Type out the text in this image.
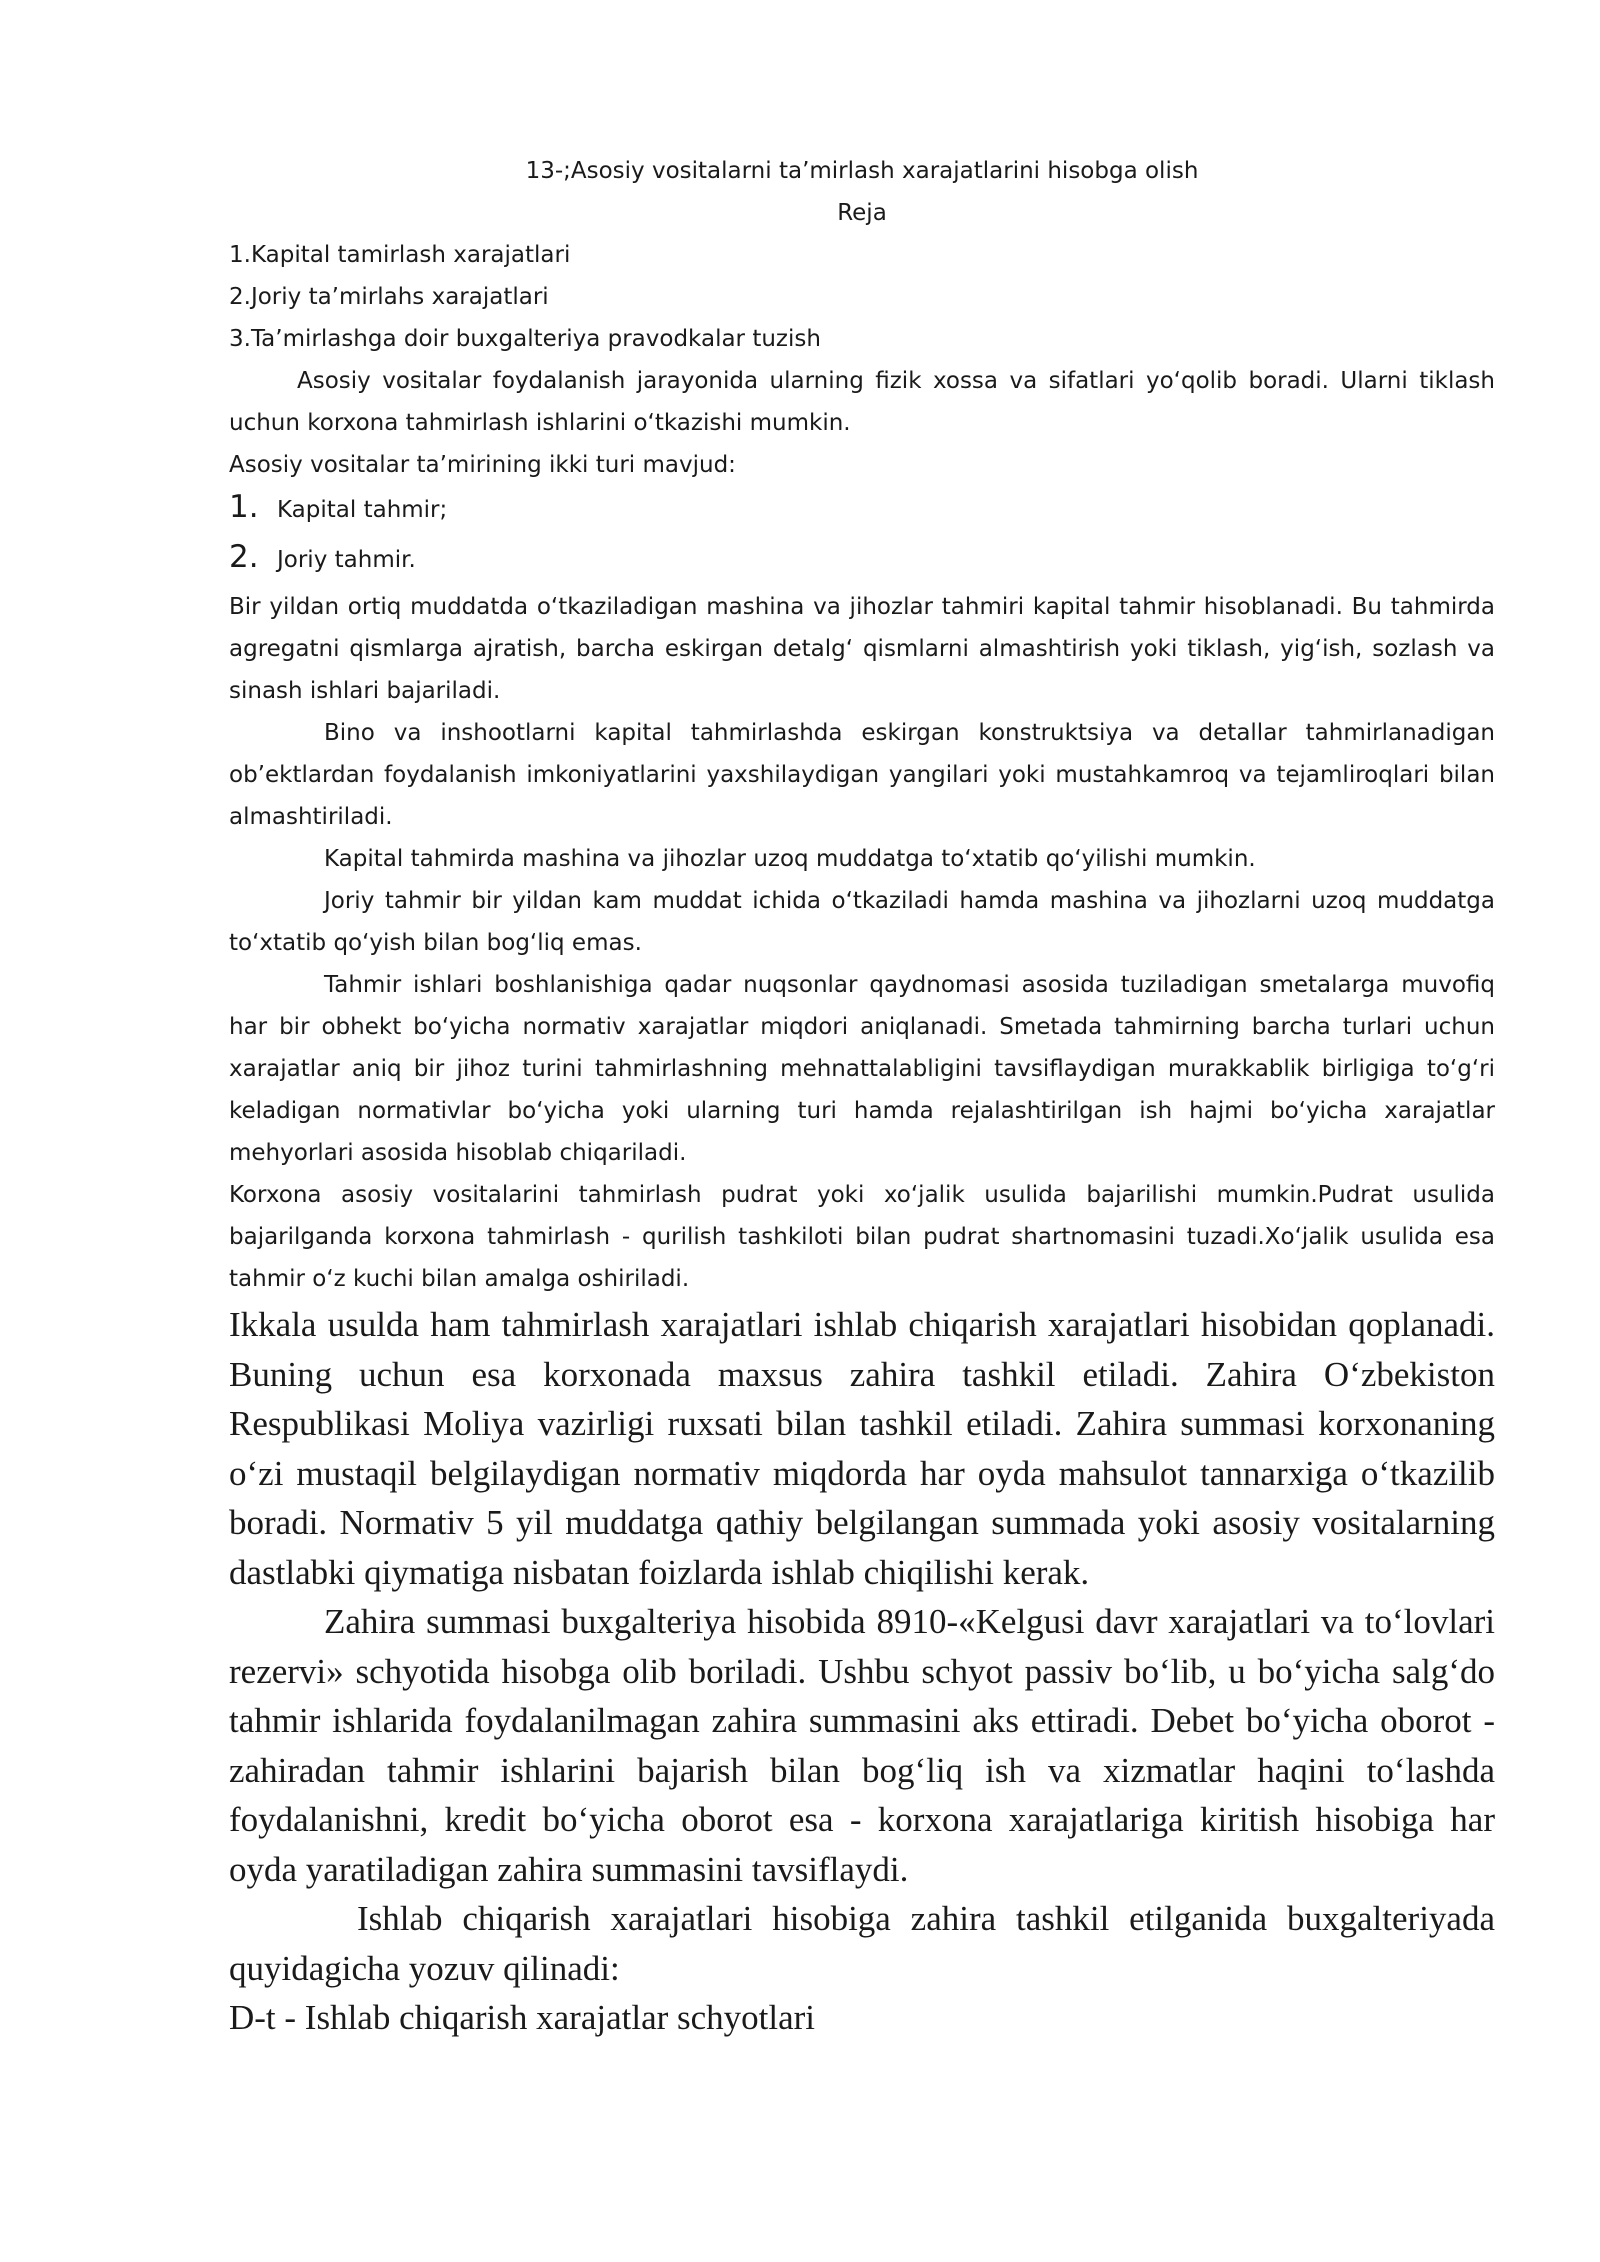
13-;Asosiy vositalarni ta’mirlash xarajatlarini hisobga olish

Reja

1.Kapital tamirlash xarajatlari

2.Joriy ta’mirlahs xarajatlari

3.Ta’mirlashga doir buxgalteriya pravodkalar tuzish

Asosiy vositalar foydalanish jarayonida ularning fizik xossa va sifatlari yo‘qolib boradi. Ularni tiklash uchun korxona tahmirlash ishlarini o‘tkazishi mumkin.

Asosiy vositalar ta’mirining ikki turi mavjud:

1. Kapital tahmir;
2. Joriy tahmir.

Bir yildan ortiq muddatda o‘tkaziladigan mashina va jihozlar tahmiri kapital tahmir hisoblanadi. Bu tahmirda agregatni qismlarga ajratish, barcha eskirgan detalg‘ qismlarni almashtirish yoki tiklash, yig‘ish, sozlash va sinash ishlari bajariladi.

Bino va inshootlarni kapital tahmirlashda eskirgan konstruktsiya va detallar tahmirlanadigan ob’ektlardan foydalanish imkoniyatlarini yaxshilaydigan yangilari yoki mustahkamroq va tejamliroqlari bilan almashtiriladi.

Kapital tahmirda mashina va jihozlar uzoq muddatga to‘xtatib qo‘yilishi mumkin.

Joriy tahmir bir yildan kam muddat ichida o‘tkaziladi hamda mashina va jihozlarni uzoq muddatga to‘xtatib qo‘yish bilan bog‘liq emas.

Tahmir ishlari boshlanishiga qadar nuqsonlar qaydnomasi asosida tuziladigan smetalarga muvofiq har bir obhekt bo‘yicha normativ xarajatlar miqdori aniqlanadi. Smetada tahmirning barcha turlari uchun xarajatlar aniq bir jihoz turini tahmirlashning mehnattalabligini tavsiflaydigan murakkablik birligiga to‘g‘ri keladigan normativlar bo‘yicha yoki ularning turi hamda rejalashtirilgan ish hajmi bo‘yicha xarajatlar mehyorlari asosida hisoblab chiqariladi.

Korxona asosiy vositalarini tahmirlash pudrat yoki xo‘jalik usulida bajarilishi mumkin.Pudrat usulida bajarilganda korxona tahmirlash - qurilish tashkiloti bilan pudrat shartnomasini tuzadi.Xo‘jalik usulida esa tahmir o‘z kuchi bilan amalga oshiriladi.

Ikkala usulda ham tahmirlash xarajatlari ishlab chiqarish xarajatlari hisobidan qoplanadi. Buning uchun esa korxonada maxsus zahira tashkil etiladi. Zahira O‘zbekiston Respublikasi Moliya vazirligi ruxsati bilan tashkil etiladi. Zahira summasi korxonaning o‘zi mustaqil belgilaydigan normativ miqdorda har oyda mahsulot tannarxiga o‘tkazilib boradi. Normativ 5 yil muddatga qathiy belgilangan summada yoki asosiy vositalarning dastlabki qiymatiga nisbatan foizlarda ishlab chiqilishi kerak.

Zahira summasi buxgalteriya hisobida 8910-«Kelgusi davr xarajatlari va to‘lovlari rezervi» schyotida hisobga olib boriladi. Ushbu schyot passiv bo‘lib, u bo‘yicha salg‘do tahmir ishlarida foydalanilmagan zahira summasini aks ettiradi. Debet bo‘yicha oborot - zahiradan tahmir ishlarini bajarish bilan bog‘liq ish va xizmatlar haqini to‘lashda foydalanishni, kredit bo‘yicha oborot esa - korxona xarajatlariga kiritish hisobiga har oyda yaratiladigan zahira summasini tavsiflaydi.

Ishlab chiqarish xarajatlari hisobiga zahira tashkil etilganida buxgalteriyada quyidagicha yozuv qilinadi:

D-t - Ishlab chiqarish xarajatlar schyotlari
